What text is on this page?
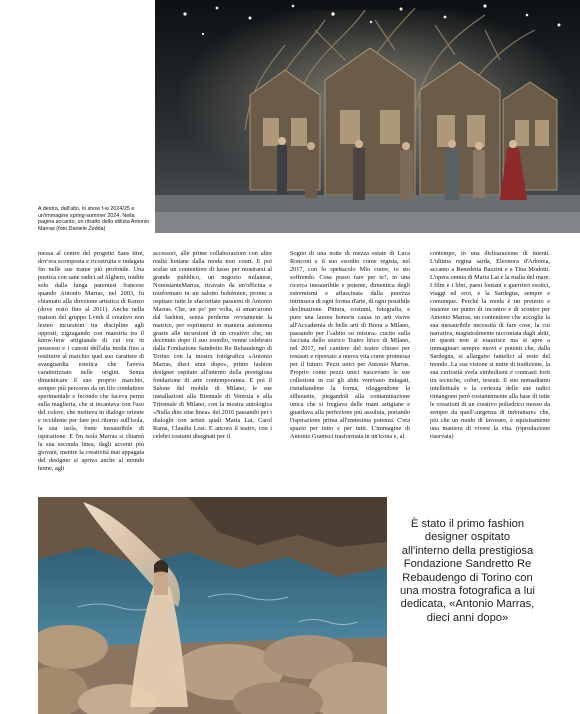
A destra, dall'alto, lo show f-w 2024/25 e un'immagine spring-summer 2024. Nella pagina accanto, un ritratto dello stilista Antonio Marras (foto Daniele Zedda)

messa al centro del progetto Sans titre, dov'era scomposta e ricostruita e indagata fin nelle sue trame più profonde. Una poetica con sane radici ad Alghero, tradite solo dalla lunga parentesi francese quando Antonio Marras, nel 2003, fu chiamato alla direzione artistica di Kenzo (dove restò fino al 2011). Anche nella maison del gruppo Lvmh il creativo non lesinò incursioni tra discipline agli opposti, zigzagando con maestria tra il know-how artigianale di cui era in possesso e i canoni dell'alta moda fino a restituire al marchio quel suo carattere di avanguardia estetica che l'aveva caratterizzato nelle origini. Senza dimenticare il suo proprio marchio, sempre più percorso da un filo conduttore sperimentale e fecondo che faceva perno sulla maglieria, che si incantava con l'uso del colore, che metteva in dialogo oriente e occidente per fare poi ritorno sull'isola, la sua isola, fonte inesauribile di ispirazione. E l'm isola Marras si chiamò la sua seconda linea, dagli accenti più giovani, mentre la creatività mai appagata del designer si apriva anche al mondo home, agli

accessori, alle prime collaborazioni con altre realtà lontane dalla moda tout court. E poi scelse un contenitore di lusso per mostrarsi al grande pubblico, un negozio milanese, NonostanteMarras, ricavato da un'officina e trasformato in un salotto bohémien, pronto a ospitare tutte le sfaccettate passioni di Antonio Marras. Che, un po' per volta, si smarcarono dal fashion, senza perderne ovviamente la matrice, per esprimersi in maniera autonoma grazie alle incursioni di un creativo che, un decennio dopo il suo esordio, venne celebrato dalla Fondazione Sandretto Re Rebaudengo di Torino con la mostra fotografica «Antonio Marras, dieci anni dopo», primo fashion designer ospitato all'interno della prestigiosa fondazione di arte contemporanea. E poi il Salone del mobile di Milano, le sue installazioni alla Biennale di Venezia e alla Triennale di Milano, con la mostra antologica «Nulla dies sine linea» del 2016 passando per i dialoghi con artisti quali Maria Lai, Carol Rama, Claudia Losi. E ancora il teatro, con i celebri costumi disegnati per il

Sogno di una notte di mezza estate di Luca Ronconi e il suo esordio come regista, nel 2017, con lo spettacolo Mio cuore, io sto soffrendo. Cosa posso fare per te?, in una ricerca inesauribile e potente, dimentica degli estremismi e affascinata dalla purezza intrinseca di ogni forma d'arte, di ogni possibile declinazione. Pittura, costumi, fotografia, e pure una laurea honoris causa in arti visive all'Accademia di belle arti di Brera a Milano, passando per l'«abito su misura» cucito sulla facciata dello storico Teatro lirico di Milano, nel 2017, nel cantiere del teatro chiuso per restauri e riportato a nuova vita come promessa per il futuro. Pezzi unici per Antonio Marras. Proprio come pezzi unici nascevano le sue collezioni in cui gli abiti venivano indagati, ristudiandone la forma, rileggendone la silhouette, piegandoli alla contaminazione unica che si fregiava delle mani artigiane e guardava alla perfezione più assoluta, portando l'ispirazione prima all'ennesima potenza. C'era spazio per tutto e per tutti. L'immagine di Antonio Gramsci trasformata in un'icona e, al

contempo, in una dichiarazione di intenti. L'ultima regina sarda, Eleonora d'Arborea, accanto a Benedetta Bazzini e a Tina Modotti. L'opera omnia di Maria Lai e la malìa del mare. I film e i libri, paesi lontani e guerrieri esotici, viaggi ed eroi, e la Sardegna, sempre e comunque. Perché la moda è un pretesto e insieme un punto di incontro e di scontro per Antonio Marras, un contenitore che accoglie la sua inesauribile necessità di fare cose, la cui narrativa, magistralmente raccontata dagli abiti, in questi non si esaurisce ma si apre a immaginari sempre nuovi e potenti che, dalla Sardegna, si allargano famelici al resto del mondo. La sua visione si nutre di tradizione, la sua curiosità svela simbolismi e contrasti forti tra tecniche, colori, tessuti. Il suo nomadismo intellettuale e la certezza delle sue radici rimangono però costantemente alla base di tutte le creazioni di un creativo poliedrico mosso da sempre da quell'«urgenza di imbrattare» che, più che un modo di lavorare, è squisitamente una maniera di vivere la vita. (riproduzione riservata)

È stato il primo fashion designer ospitato all'interno della prestigiosa Fondazione Sandretto Re Rebaudengo di Torino con una mostra fotografica a lui dedicata, «Antonio Marras, dieci anni dopo»
